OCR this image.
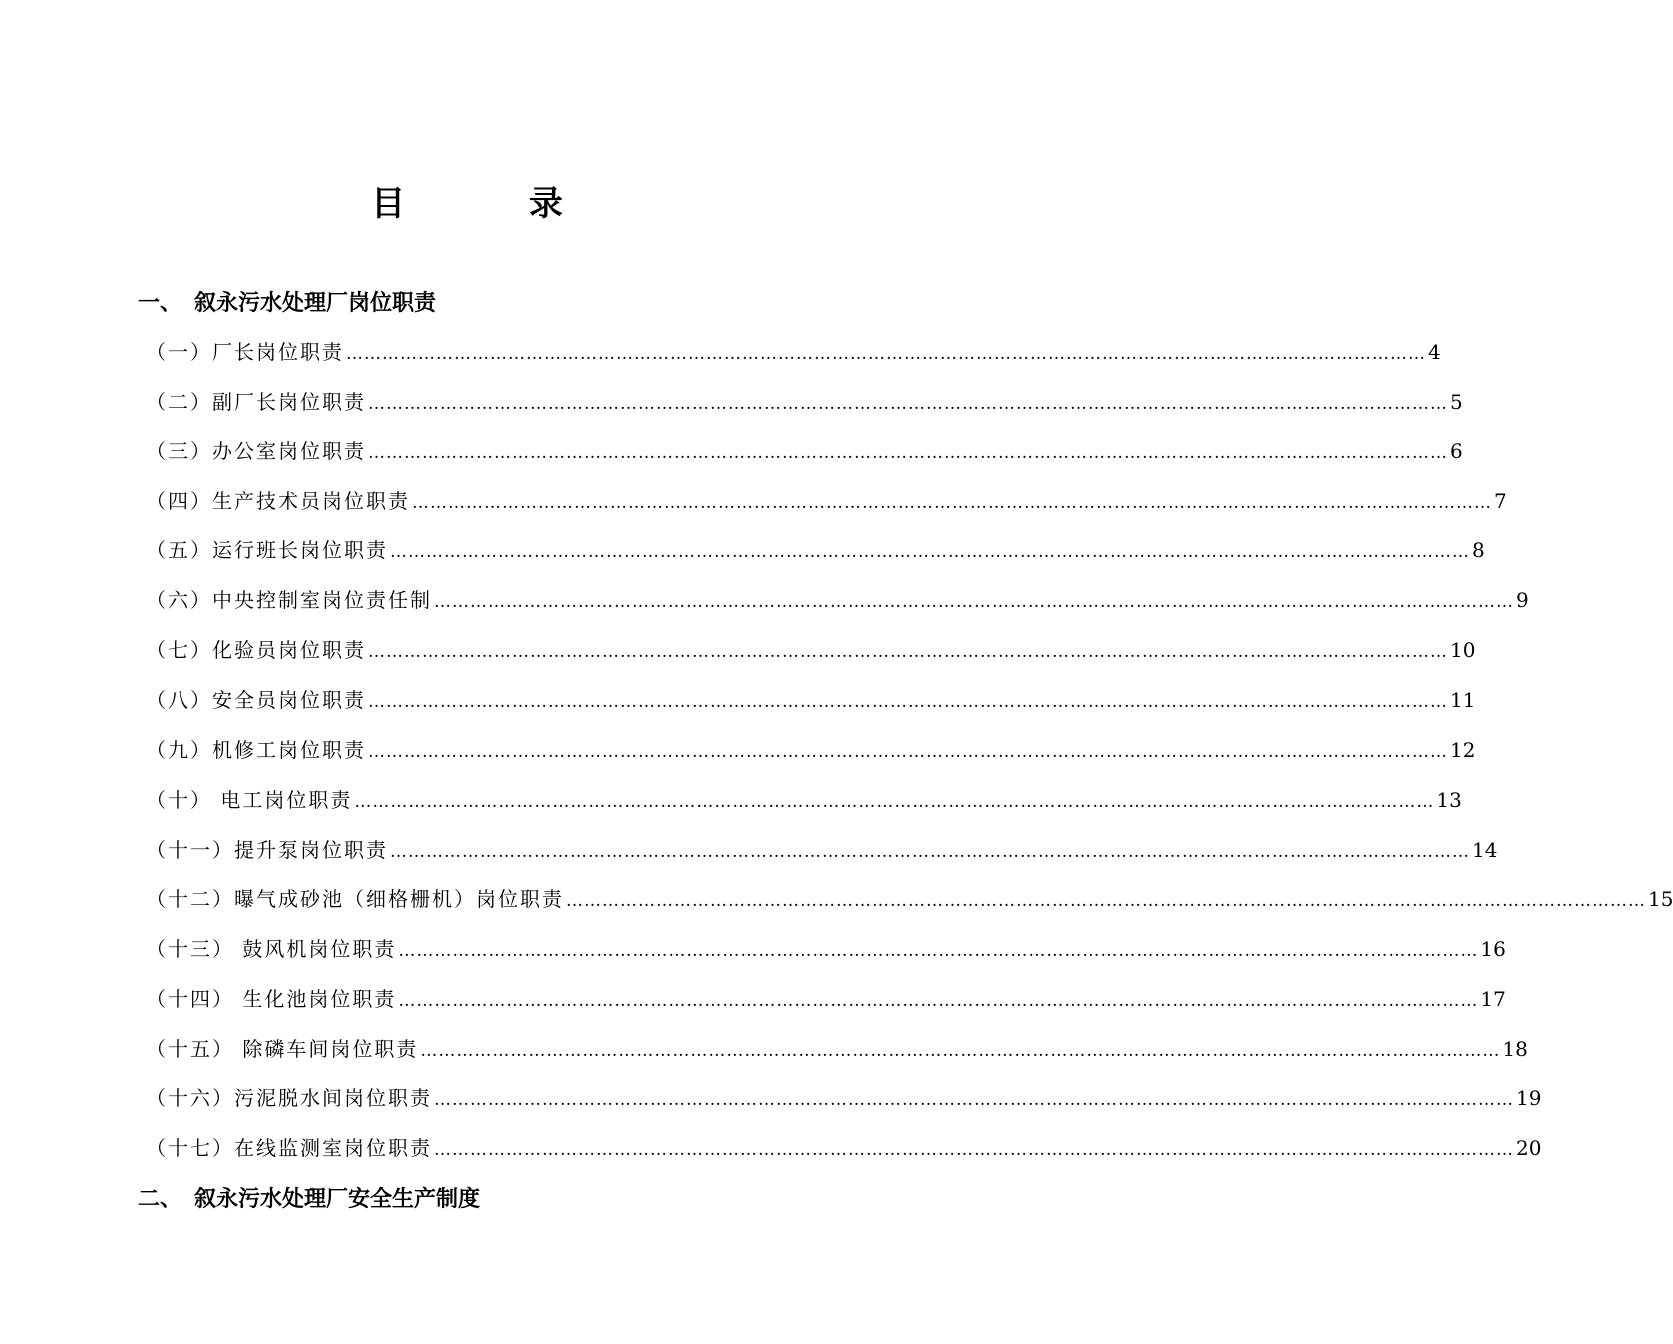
目 录
一、 叙永污水处理厂岗位职责
（一）厂长岗位职责 ……………………………………………………………………………………………………………………………………………………………… 4
（二）副厂长岗位职责 ……………………………………………………………………………………………………………………………………………………………… 5
（三）办公室岗位职责 ……………………………………………………………………………………………………………………………………………………………… 6
（四）生产技术员岗位职责 ……………………………………………………………………………………………………………………………………………………………… 7
（五）运行班长岗位职责 ……………………………………………………………………………………………………………………………………………………………… 8
（六）中央控制室岗位责任制 ……………………………………………………………………………………………………………………………………………………………… 9
（七）化验员岗位职责 ……………………………………………………………………………………………………………………………………………………………… 10
（八）安全员岗位职责 ……………………………………………………………………………………………………………………………………………………………… 11
（九）机修工岗位职责 ……………………………………………………………………………………………………………………………………………………………… 12
（十） 电工岗位职责 ……………………………………………………………………………………………………………………………………………………………… 13
（十一）提升泵岗位职责 ……………………………………………………………………………………………………………………………………………………………… 14
（十二）曝气成砂池（细格栅机）岗位职责 ……………………………………………………………………………………………………………………………………………………………… 15
（十三） 鼓风机岗位职责 ……………………………………………………………………………………………………………………………………………………………… 16
（十四） 生化池岗位职责 ……………………………………………………………………………………………………………………………………………………………… 17
（十五） 除磷车间岗位职责 ……………………………………………………………………………………………………………………………………………………………… 18
（十六）污泥脱水间岗位职责 ……………………………………………………………………………………………………………………………………………………………… 19
（十七）在线监测室岗位职责 ……………………………………………………………………………………………………………………………………………………………… 20
二、 叙永污水处理厂安全生产制度
